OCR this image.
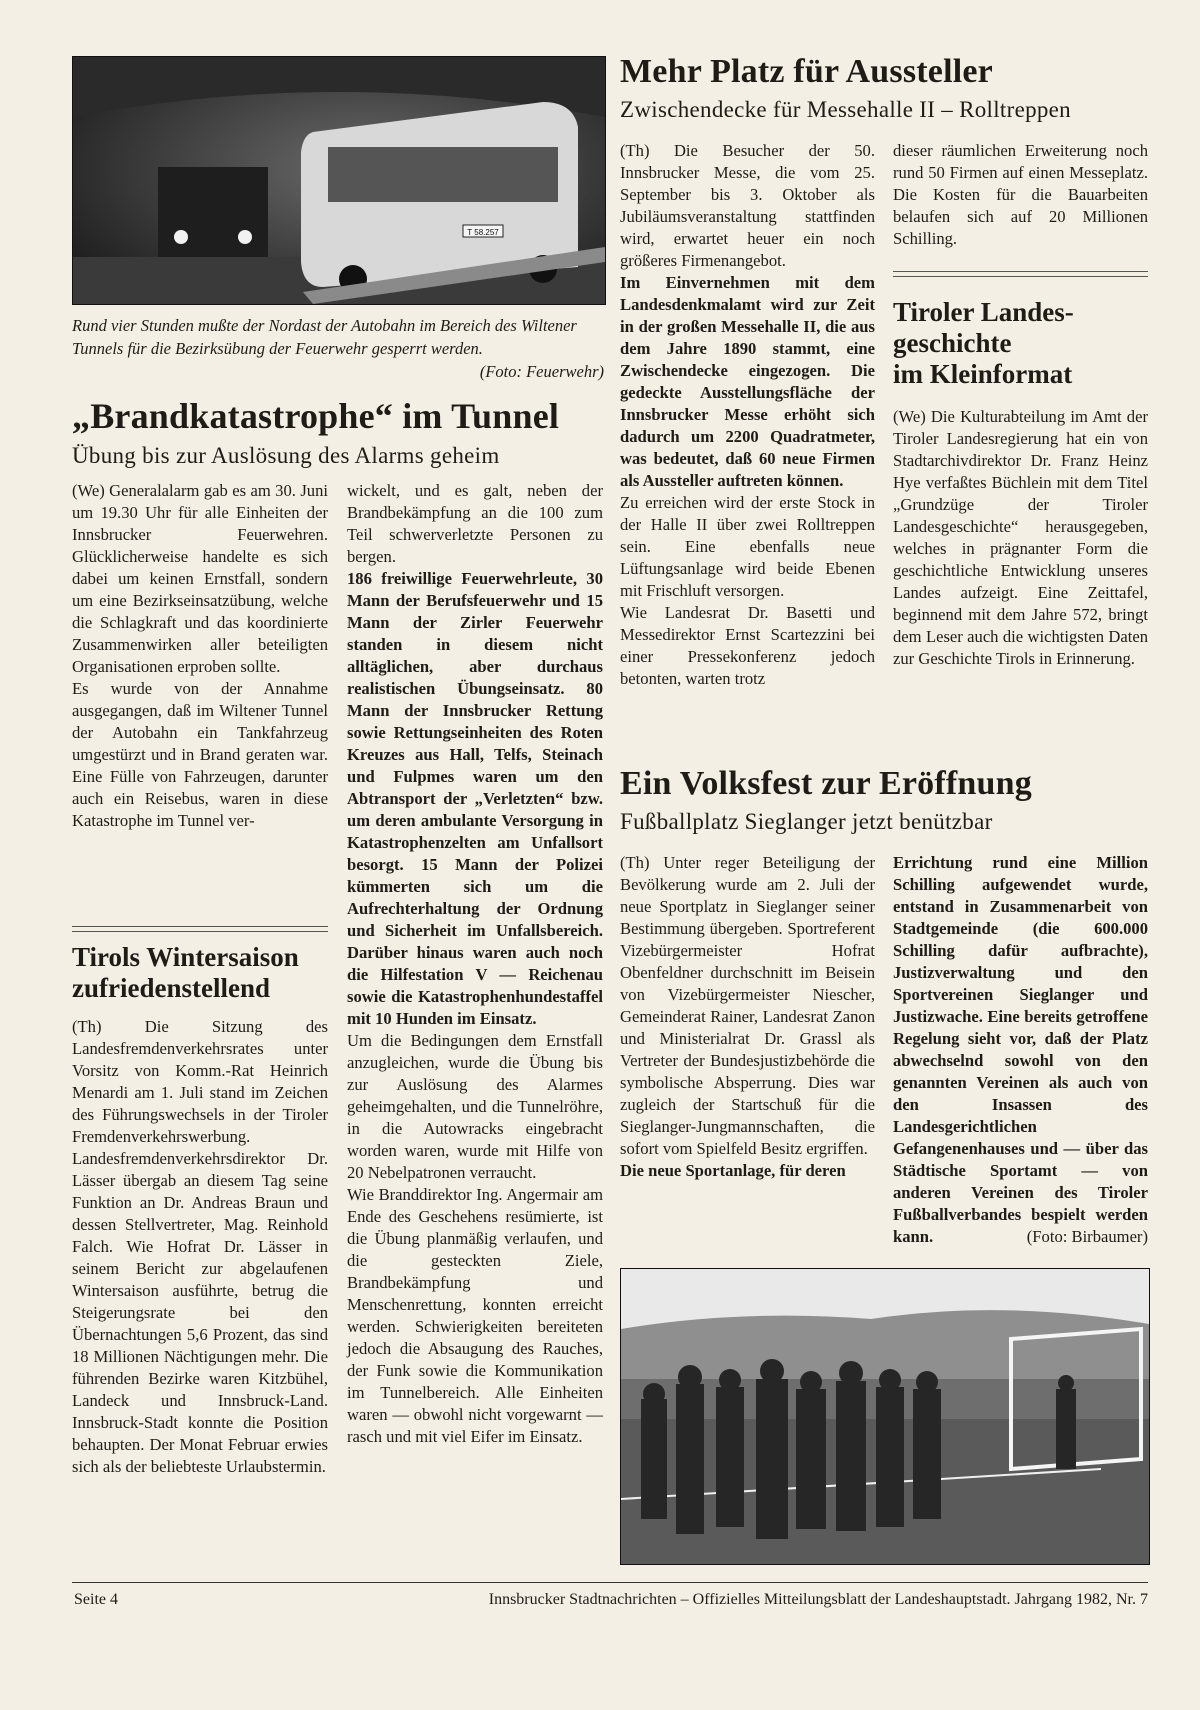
T 58.257
Rund vier Stunden mußte der Nordast der Autobahn im Bereich des Wiltener Tunnels für die Bezirksübung der Feuerwehr gesperrt werden.
(Foto: Feuerwehr)
„Brandkatastrophe“ im Tunnel
Übung bis zur Auslösung des Alarms geheim

(We) Generalalarm gab es am 30. Juni um 19.30 Uhr für alle Einheiten der Innsbrucker Feuerwehren. Glücklicherweise handelte es sich dabei um keinen Ernstfall, sondern um eine Bezirkseinsatzübung, welche die Schlagkraft und das koordinierte Zusammenwirken aller beteiligten Organisationen erproben sollte.

Es wurde von der Annahme ausgegangen, daß im Wiltener Tunnel der Autobahn ein Tankfahrzeug umgestürzt und in Brand geraten war. Eine Fülle von Fahrzeugen, darunter auch ein Reisebus, waren in diese Katastrophe im Tunnel ver-

Tirols Wintersaison
zufriedenstellend

(Th) Die Sitzung des Landesfremdenverkehrsrates unter Vorsitz von Komm.-Rat Heinrich Menardi am 1. Juli stand im Zeichen des Führungswechsels in der Tiroler Fremdenverkehrswerbung. Landesfremdenverkehrsdirektor Dr. Lässer übergab an diesem Tag seine Funktion an Dr. Andreas Braun und dessen Stellvertreter, Mag. Reinhold Falch. Wie Hofrat Dr. Lässer in seinem Bericht zur abgelaufenen Wintersaison ausführte, betrug die Steigerungsrate bei den Übernachtungen 5,6 Prozent, das sind 18 Millionen Nächtigungen mehr. Die führenden Bezirke waren Kitzbühel, Landeck und Innsbruck-Land. Innsbruck-Stadt konnte die Position behaupten. Der Monat Februar erwies sich als der beliebteste Urlaubstermin.

wickelt, und es galt, neben der Brandbekämpfung an die 100 zum Teil schwerverletzte Personen zu bergen.

186 freiwillige Feuerwehrleute, 30 Mann der Berufsfeuerwehr und 15 Mann der Zirler Feuerwehr standen in diesem nicht alltäglichen, aber durchaus realistischen Übungseinsatz. 80 Mann der Innsbrucker Rettung sowie Rettungseinheiten des Roten Kreuzes aus Hall, Telfs, Steinach und Fulpmes waren um den Abtransport der „Verletzten“ bzw. um deren ambulante Versorgung in Katastrophenzelten am Unfallsort besorgt. 15 Mann der Polizei kümmerten sich um die Aufrechterhaltung der Ordnung und Sicherheit im Unfallsbereich. Darüber hinaus waren auch noch die Hilfestation V — Reichenau sowie die Katastrophenhundestaffel mit 10 Hunden im Einsatz.

Um die Bedingungen dem Ernstfall anzugleichen, wurde die Übung bis zur Auslösung des Alarmes geheimgehalten, und die Tunnelröhre, in die Autowracks eingebracht worden waren, wurde mit Hilfe von 20 Nebelpatronen verraucht.

Wie Branddirektor Ing. Angermair am Ende des Geschehens resümierte, ist die Übung planmäßig verlaufen, und die gesteckten Ziele, Brandbekämpfung und Menschenrettung, konnten erreicht werden. Schwierigkeiten bereiteten jedoch die Absaugung des Rauches, der Funk sowie die Kommunikation im Tunnelbereich. Alle Einheiten waren — obwohl nicht vorgewarnt — rasch und mit viel Eifer im Einsatz.

Mehr Platz für Aussteller
Zwischendecke für Messehalle II – Rolltreppen

(Th) Die Besucher der 50. Innsbrucker Messe, die vom 25. September bis 3. Oktober als Jubiläumsveranstaltung stattfinden wird, erwartet heuer ein noch größeres Firmenangebot.

Im Einvernehmen mit dem Landesdenkmalamt wird zur Zeit in der großen Messehalle II, die aus dem Jahre 1890 stammt, eine Zwischendecke eingezogen. Die gedeckte Ausstellungsfläche der Innsbrucker Messe erhöht sich dadurch um 2200 Quadratmeter, was bedeutet, daß 60 neue Firmen als Aussteller auftreten können.

Zu erreichen wird der erste Stock in der Halle II über zwei Rolltreppen sein. Eine ebenfalls neue Lüftungsanlage wird beide Ebenen mit Frischluft versorgen.

Wie Landesrat Dr. Basetti und Messedirektor Ernst Scartezzini bei einer Pressekonferenz jedoch betonten, warten trotz

dieser räumlichen Erweiterung noch rund 50 Firmen auf einen Messeplatz. Die Kosten für die Bauarbeiten belaufen sich auf 20 Millionen Schilling.

Tiroler Landes-
geschichte
im Kleinformat

(We) Die Kulturabteilung im Amt der Tiroler Landesregierung hat ein von Stadtarchivdirektor Dr. Franz Heinz Hye verfaßtes Büchlein mit dem Titel „Grundzüge der Tiroler Landesgeschichte“ herausgegeben, welches in prägnanter Form die geschichtliche Entwicklung unseres Landes aufzeigt. Eine Zeittafel, beginnend mit dem Jahre 572, bringt dem Leser auch die wichtigsten Daten zur Geschichte Tirols in Erinnerung.

Ein Volksfest zur Eröffnung
Fußballplatz Sieglanger jetzt benützbar

(Th) Unter reger Beteiligung der Bevölkerung wurde am 2. Juli der neue Sportplatz in Sieglanger seiner Bestimmung übergeben. Sportreferent Vizebürgermeister Hofrat Obenfeldner durchschnitt im Beisein von Vizebürgermeister Niescher, Gemeinderat Rainer, Landesrat Zanon und Ministerialrat Dr. Grassl als Vertreter der Bundesjustizbehörde die symbolische Absperrung. Dies war zugleich der Startschuß für die Sieglanger-Jungmannschaften, die sofort vom Spielfeld Besitz ergriffen.

Die neue Sportanlage, für deren

Errichtung rund eine Million Schilling aufgewendet wurde, entstand in Zusammenarbeit von Stadtgemeinde (die 600.000 Schilling dafür aufbrachte), Justizverwaltung und den Sportvereinen Sieglanger und Justizwache. Eine bereits getroffene Regelung sieht vor, daß der Platz abwechselnd sowohl von den genannten Vereinen als auch von den Insassen des Landesgerichtlichen Gefangenenhauses und — über das Städtische Sportamt — von anderen Vereinen des Tiroler Fußballverbandes bespielt werden kann.	(Foto: Birbaumer)

Seite 4	Innsbrucker Stadtnachrichten – Offizielles Mitteilungsblatt der Landeshauptstadt. Jahrgang 1982, Nr. 7
